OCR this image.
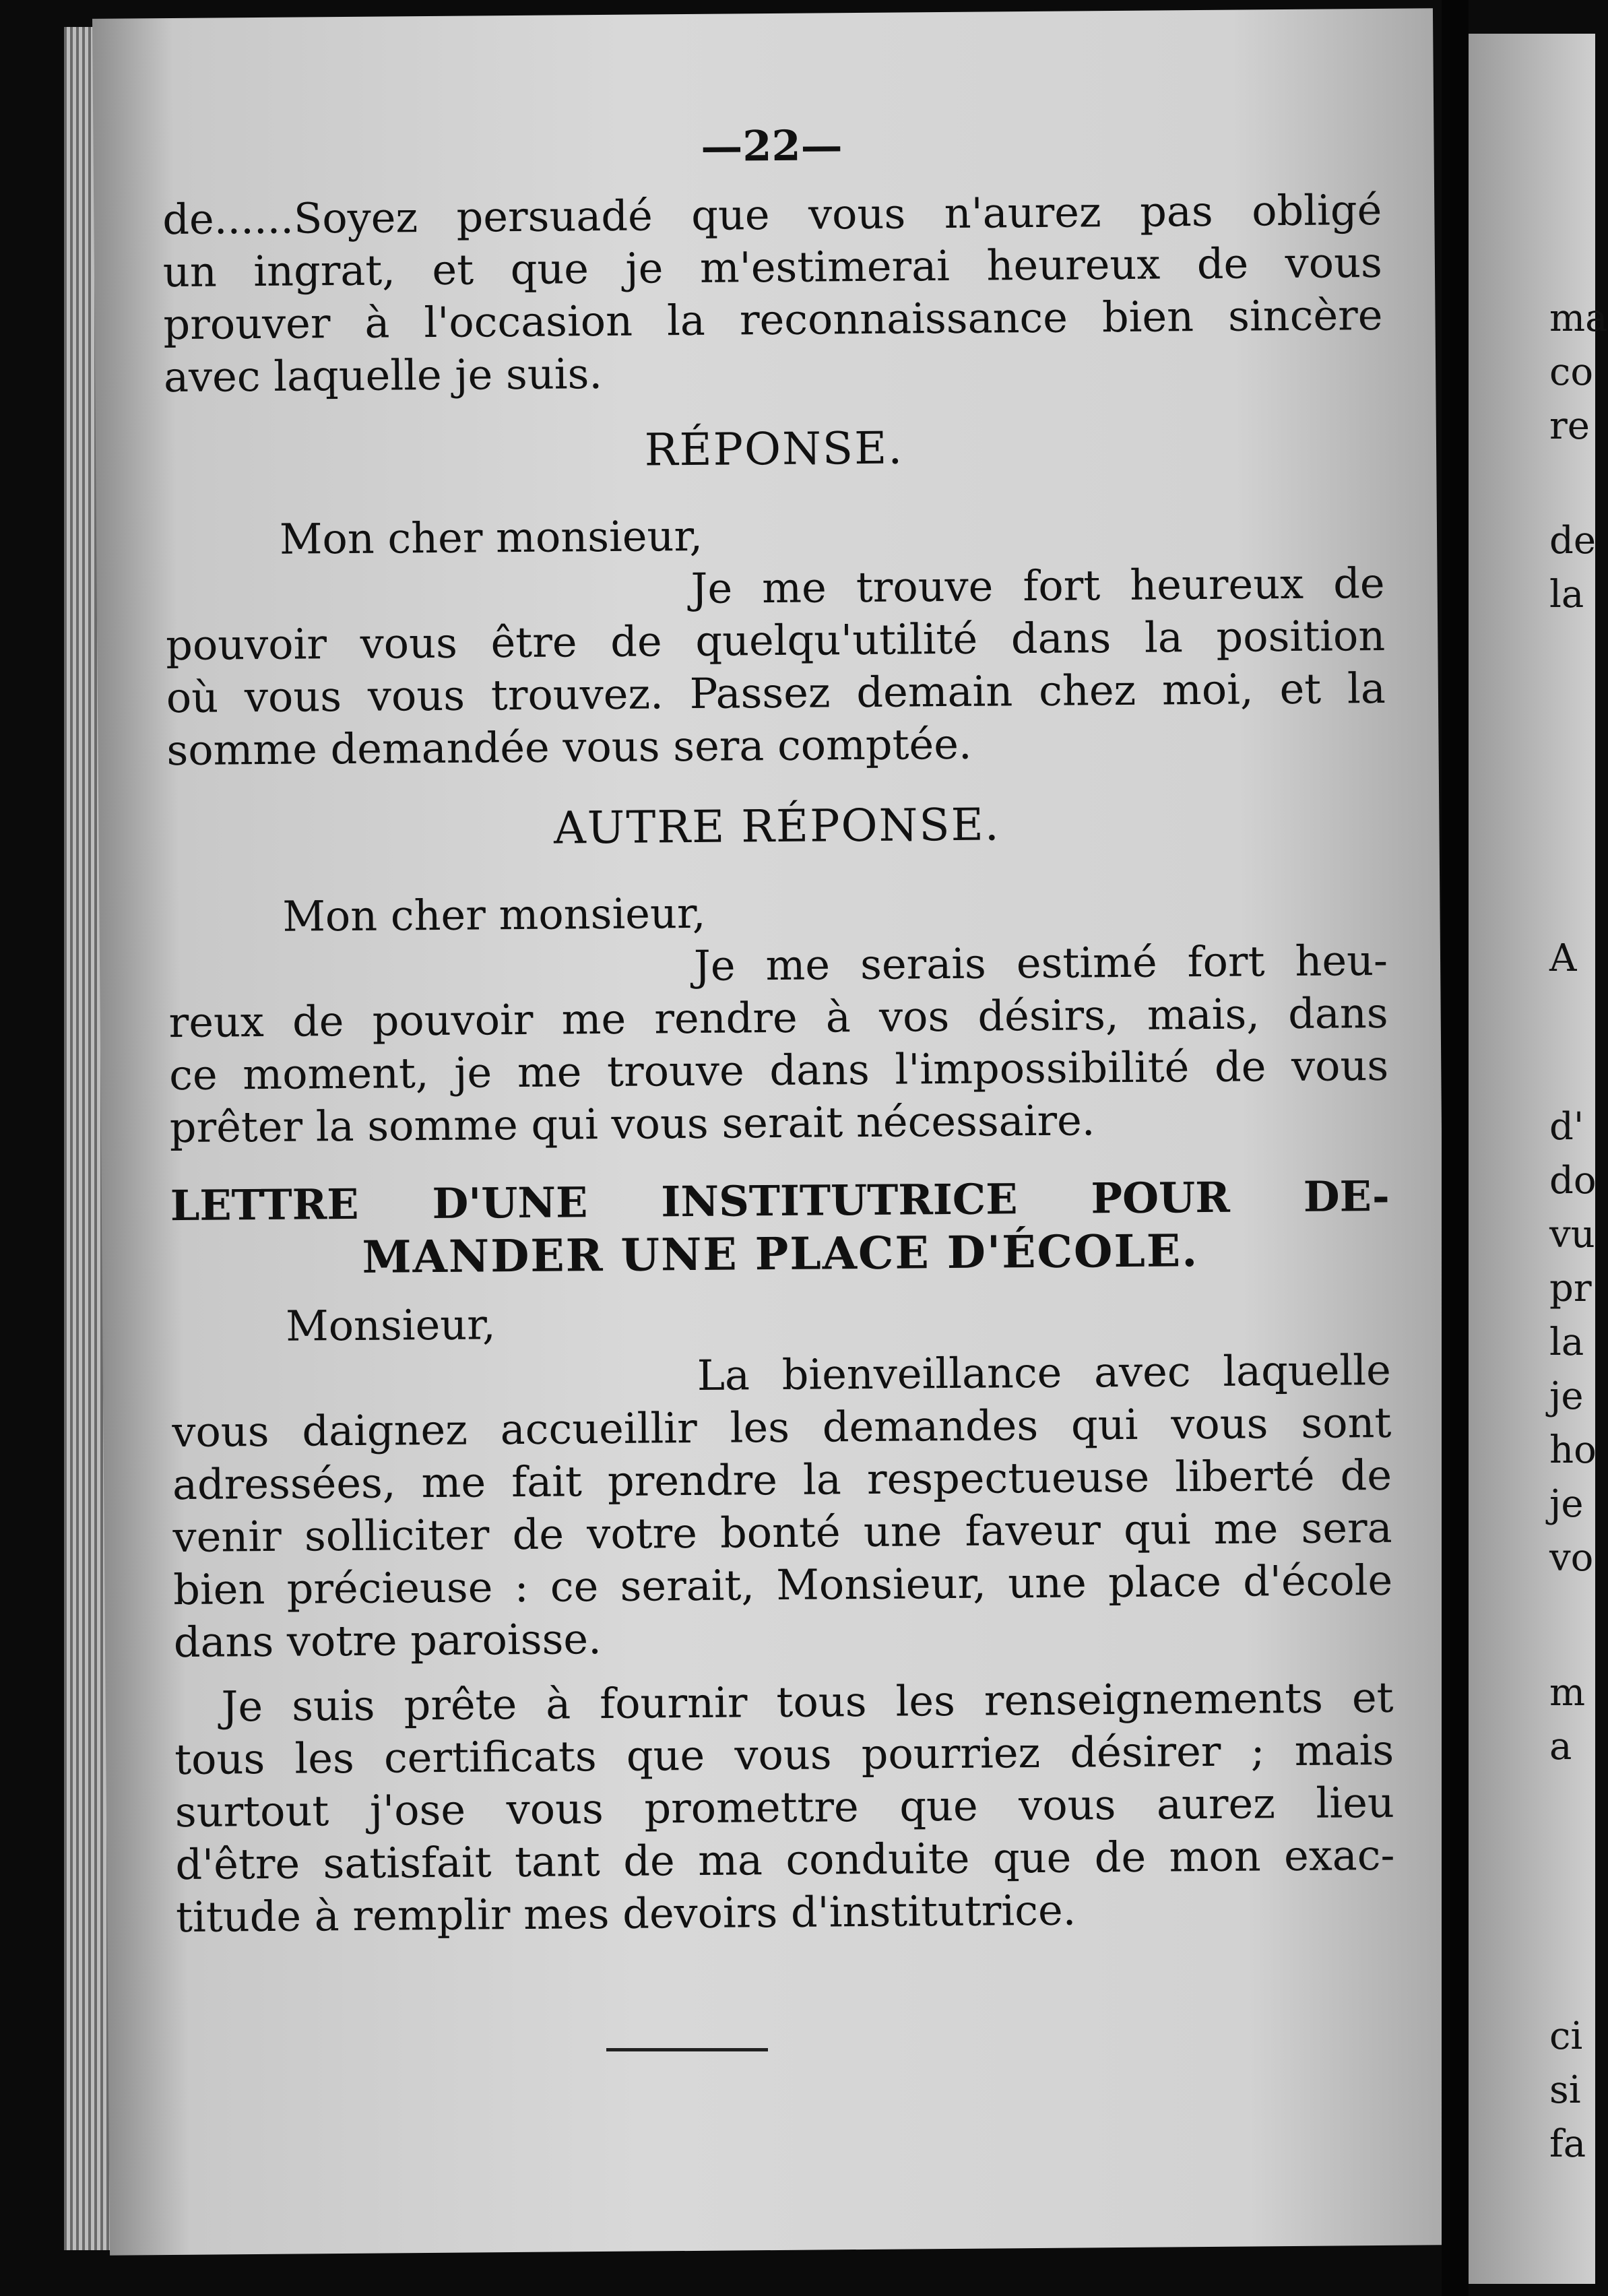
ma
co
re
de
la
A
d'
do
vu
pr
la
je
ho
je
vo
m
a
ci
si
fa
—22—
de......Soyez persuadé que vous n'aurez pas obligé
un ingrat, et que je m'estimerai heureux de vous
prouver à l'occasion la reconnaissance bien sincère
avec laquelle je suis.
RÉPONSE.
Mon cher monsieur,
Je me trouve fort heureux de
pouvoir vous être de quelqu'utilité dans la position
où vous vous trouvez. Passez demain chez moi, et la
somme demandée vous sera comptée.
AUTRE RÉPONSE.
Mon cher monsieur,
Je me serais estimé fort heu-
reux de pouvoir me rendre à vos désirs, mais, dans
ce moment, je me trouve dans l'impossibilité de vous
prêter la somme qui vous serait nécessaire.
LETTRE D'UNE INSTITUTRICE POUR DE-
MANDER UNE PLACE D'ÉCOLE.
Monsieur,
La bienveillance avec laquelle
vous daignez accueillir les demandes qui vous sont
adressées, me fait prendre la respectueuse liberté de
venir solliciter de votre bonté une faveur qui me sera
bien précieuse : ce serait, Monsieur, une place d'école
dans votre paroisse.
Je suis prête à fournir tous les renseignements et
tous les certificats que vous pourriez désirer ; mais
surtout j'ose vous promettre que vous aurez lieu
d'être satisfait tant de ma conduite que de mon exac-
titude à remplir mes devoirs d'institutrice.
